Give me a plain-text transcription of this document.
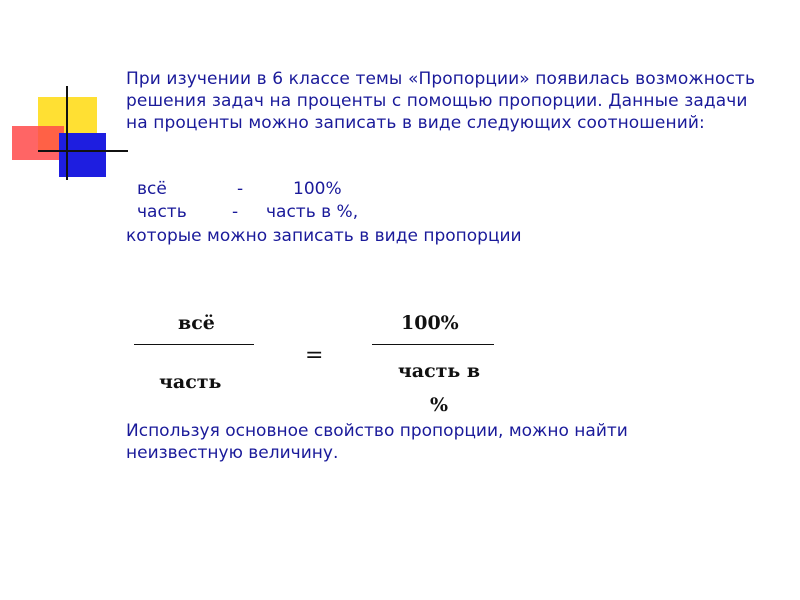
При изучении в 6 классе темы «Пропорции» появилась возможность решения задач на проценты с помощью пропорции. Данные задачи на проценты можно записать в виде следующих соотношений:

всё	-	100%
часть	- часть в %,
которые можно записать в виде пропорции
всё
часть
=
100%
часть в %
Используя основное свойство пропорции, можно найти неизвестную величину.
